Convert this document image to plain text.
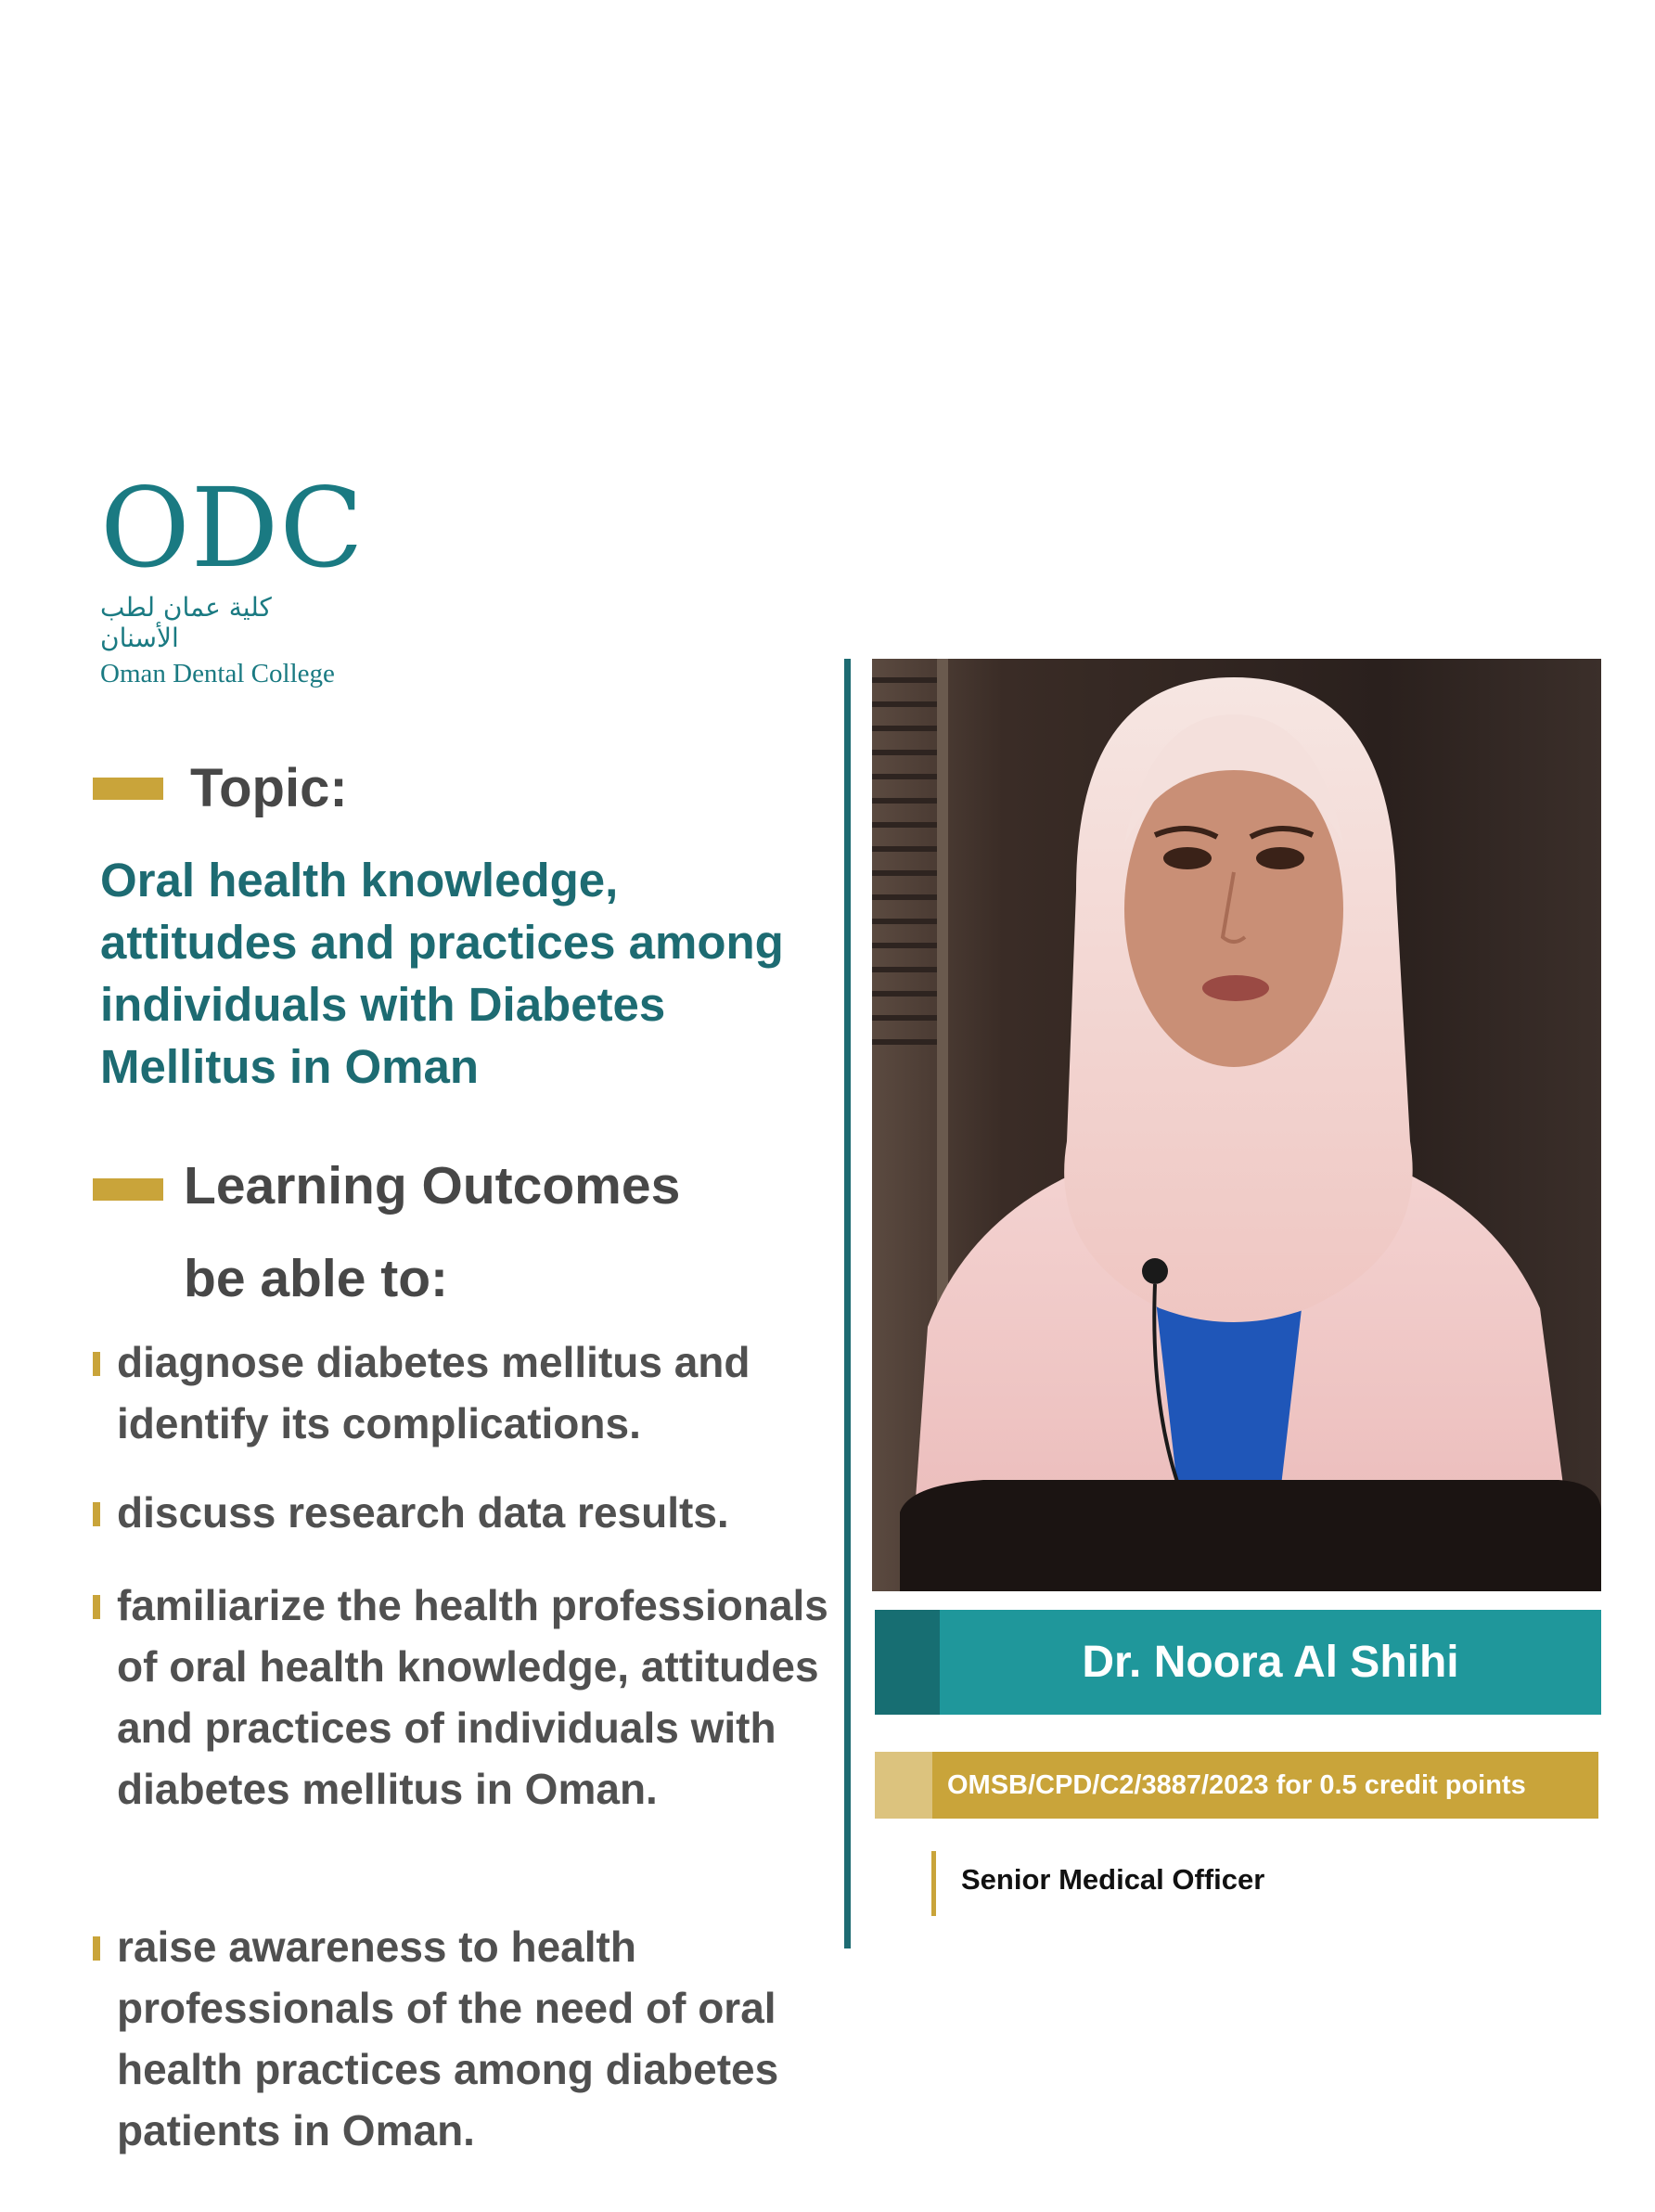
ODC
كلية عمان لطب الأسنان
Oman Dental College
Topic:
Oral health knowledge, attitudes and practices among individuals with Diabetes Mellitus in Oman
Learning Outcomes
be able to:
diagnose diabetes mellitus and identify its complications.
discuss research data results.
familiarize the health professionals of oral health knowledge, attitudes and practices of individuals with diabetes mellitus in Oman.
raise awareness to health professionals of the need of oral health practices among diabetes patients in Oman.
Dr. Noora Al Shihi
OMSB/CPD/C2/3887/2023 for 0.5 credit points
Senior Medical Officer
